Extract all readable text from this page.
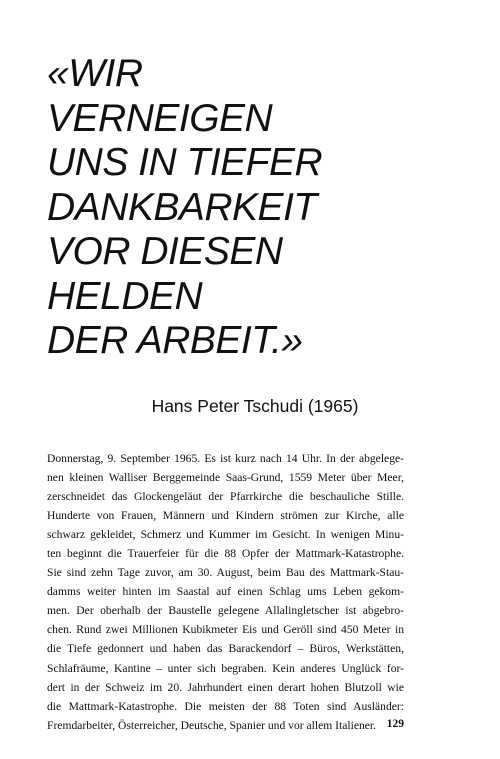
«WIR
VERNEIGEN
UNS IN TIEFER
DANKBARKEIT
VOR DIESEN
HELDEN
DER ARBEIT.»
Hans Peter Tschudi (1965)
Donnerstag, 9. September 1965. Es ist kurz nach 14 Uhr. In der abgelege-
nen kleinen Walliser Berggemeinde Saas-Grund, 1559 Meter über Meer,
zerschneidet das Glockengeläut der Pfarrkirche die beschauliche Stille.
Hunderte von Frauen, Männern und Kindern strömen zur Kirche, alle
schwarz gekleidet, Schmerz und Kummer im Gesicht. In wenigen Minu-
ten beginnt die Trauerfeier für die 88 Opfer der Mattmark-Katastrophe.
Sie sind zehn Tage zuvor, am 30. August, beim Bau des Mattmark-Stau-
damms weiter hinten im Saastal auf einen Schlag ums Leben gekom-
men. Der oberhalb der Baustelle gelegene Allalingletscher ist abgebro-
chen. Rund zwei Millionen Kubikmeter Eis und Geröll sind 450 Meter in
die Tiefe gedonnert und haben das Barackendorf – Büros, Werkstätten,
Schlafräume, Kantine – unter sich begraben. Kein anderes Unglück for-
dert in der Schweiz im 20. Jahrhundert einen derart hohen Blutzoll wie
die Mattmark-Katastrophe. Die meisten der 88 Toten sind Ausländer:
Fremdarbeiter, Österreicher, Deutsche, Spanier und vor allem Italiener. 129
